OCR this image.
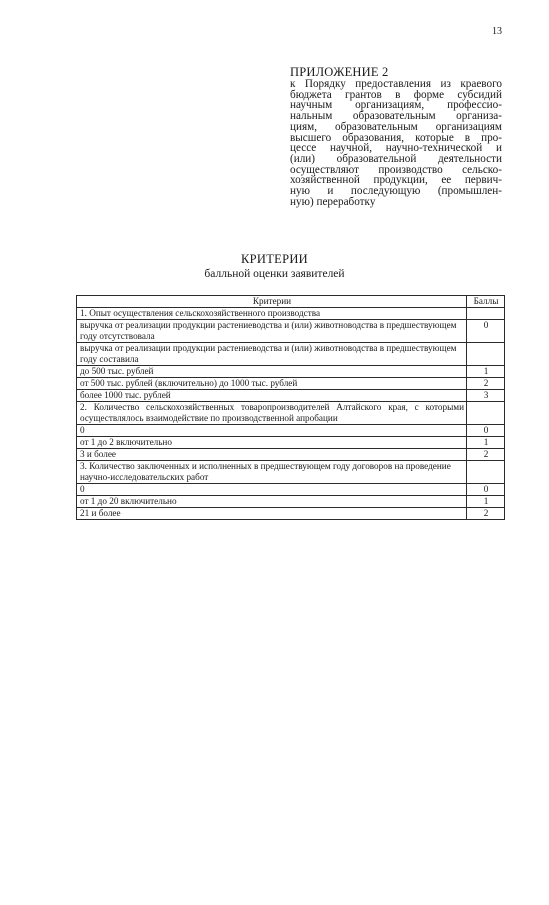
13
ПРИЛОЖЕНИЕ 2
к Порядку предоставления из краевого
бюджета грантов в форме субсидий
научным организациям, профессио-
нальным образовательным организа-
циям, образовательным организациям
высшего образования, которые в про-
цессе научной, научно-технической и
(или) образовательной деятельности
осуществляют производство сельско-
хозяйственной продукции, ее первич-
ную и последующую (промышлен-
ную) переработку
КРИТЕРИИ
балльной оценки заявителей
Критерии	Баллы
1. Опыт осуществления сельскохозяйственного производства	
выручка от реализации продукции растениеводства и (или) животноводства в предшествующем году отсутствовала	0
выручка от реализации продукции растениеводства и (или) животноводства в предшествующем году составила	
до 500 тыс. рублей	1
от 500 тыс. рублей (включительно) до 1000 тыс. рублей	2
более 1000 тыс. рублей	3
2. Количество сельскохозяйственных товаропроизводителей Алтайского края, с которыми осуществлялось взаимодействие по производственной апробации	
0	0
от 1 до 2 включительно	1
3 и более	2
3. Количество заключенных и исполненных в предшествующем году договоров на проведение научно-исследовательских работ	
0	0
от 1 до 20 включительно	1
21 и более	2
